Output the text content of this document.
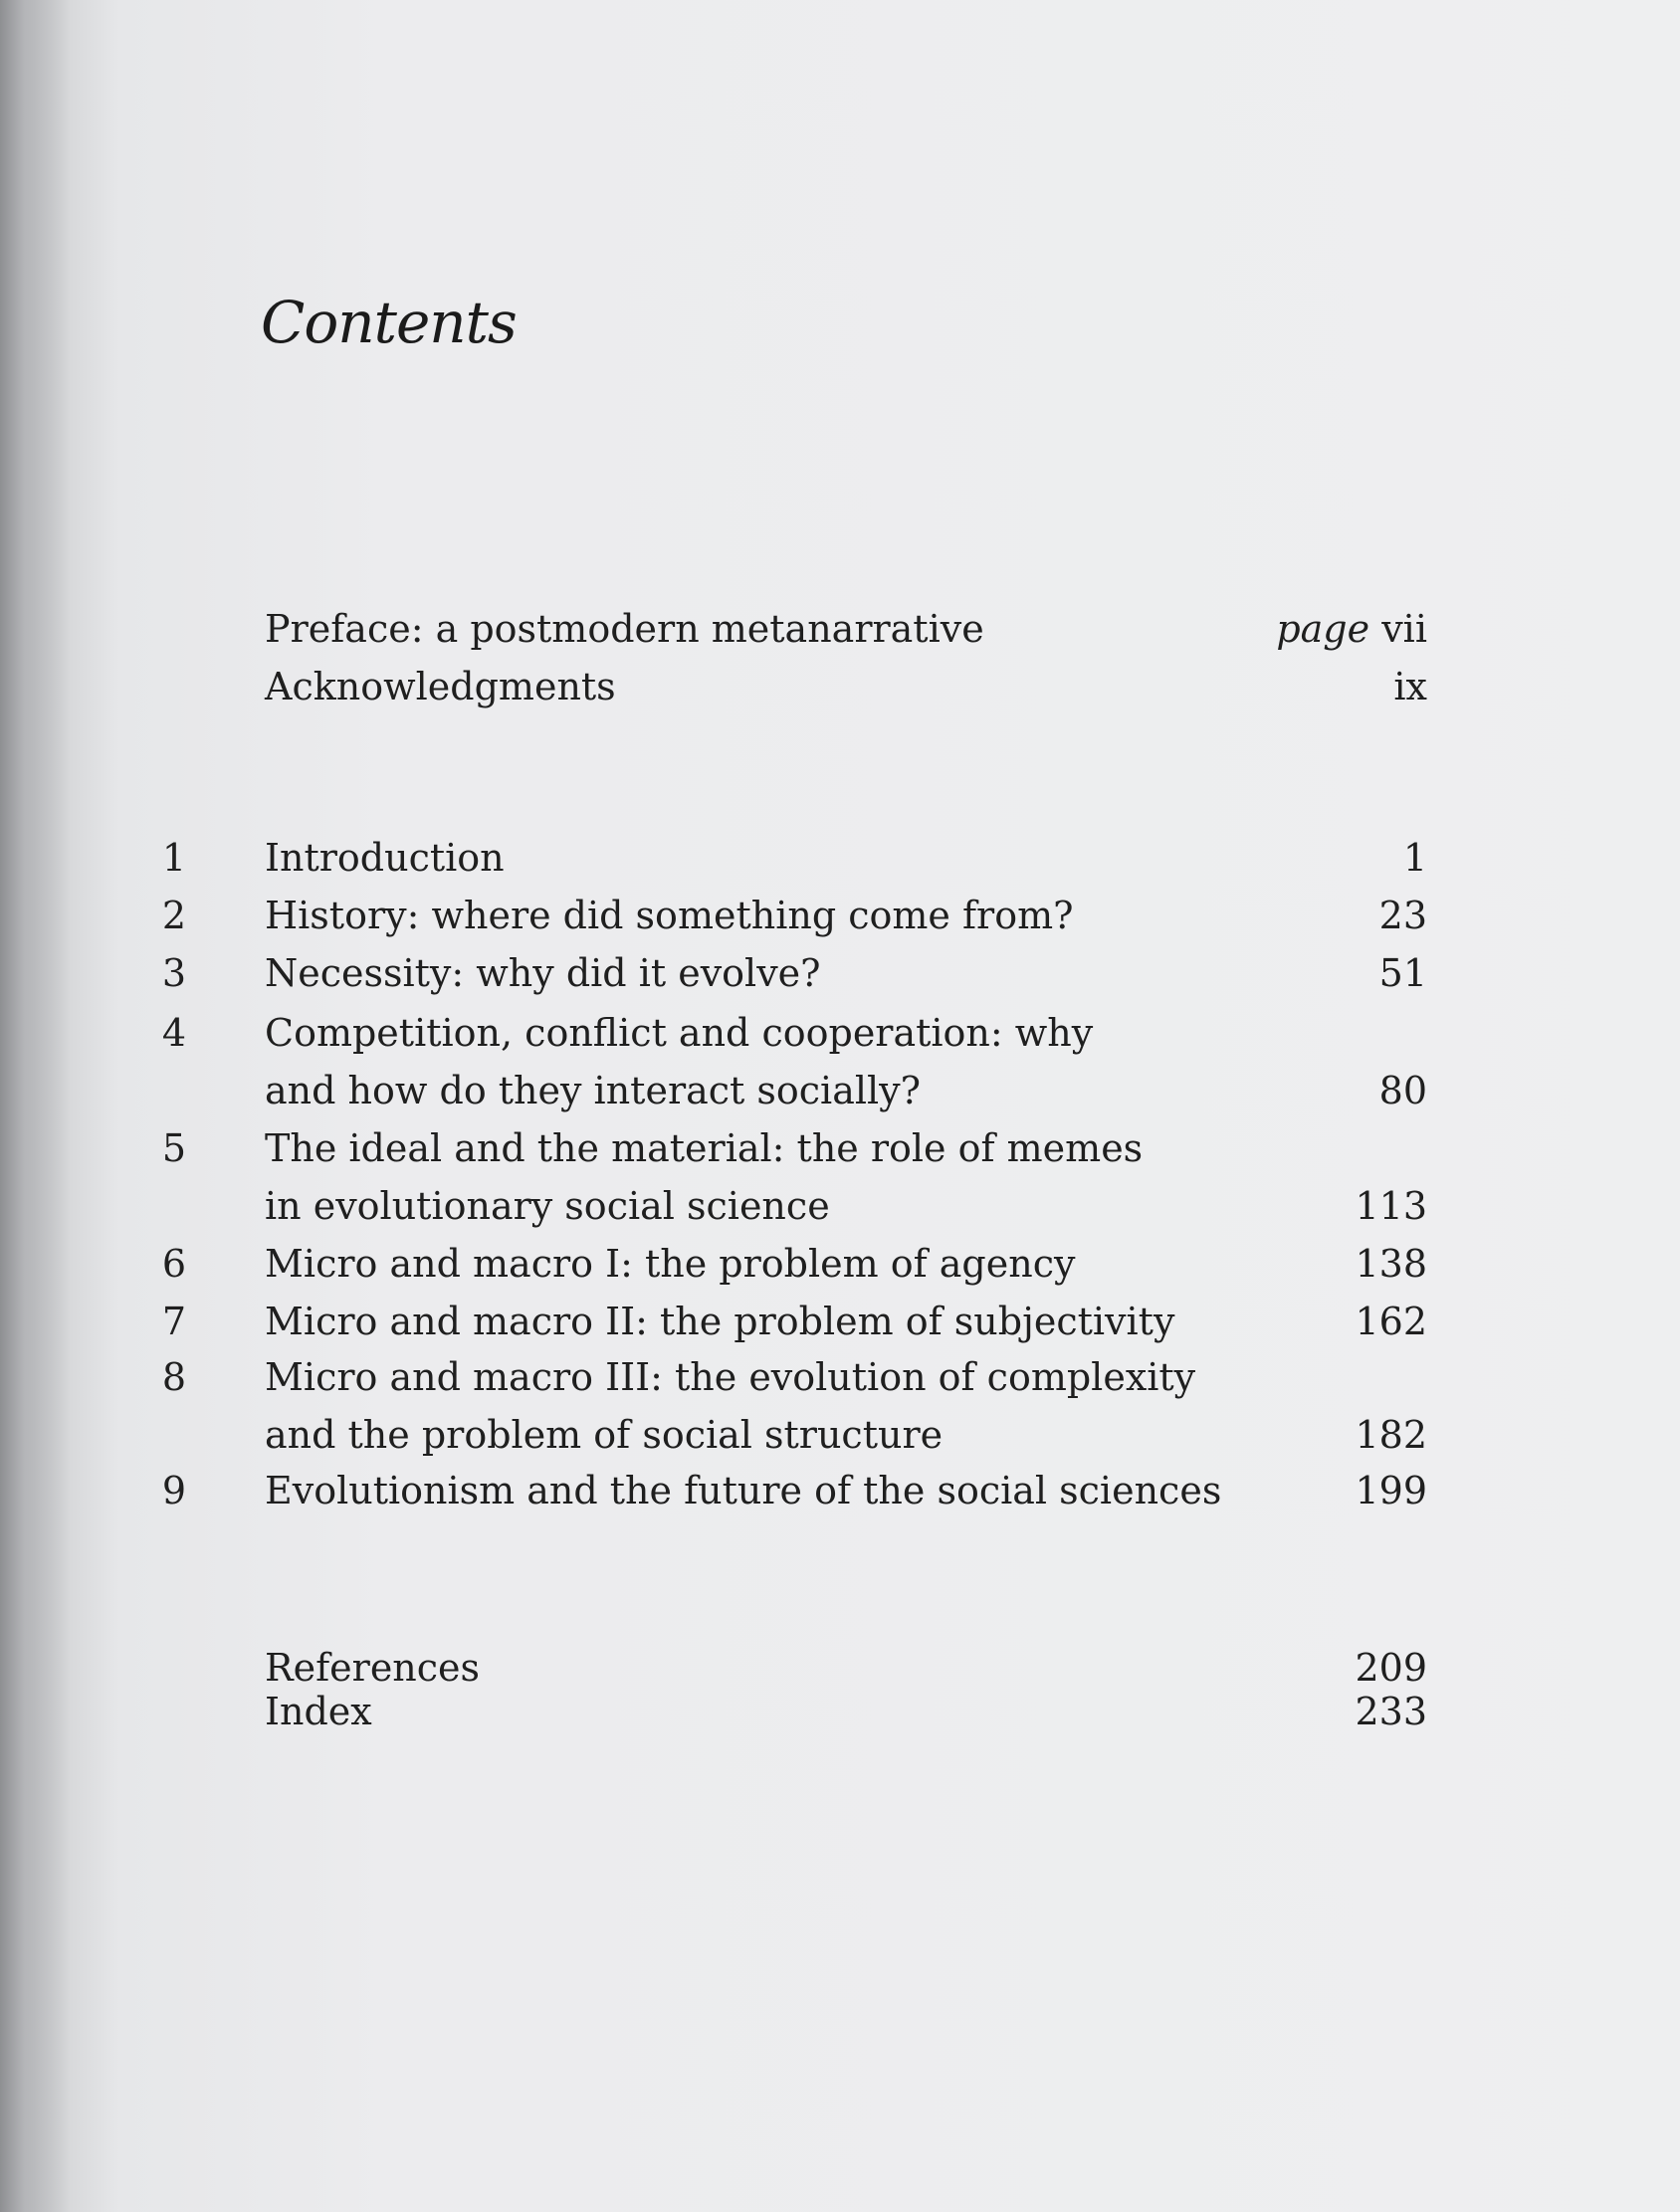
Contents
Preface: a postmodern metanarrative	page vii
Acknowledgments	ix
1 Introduction	1
2 History: where did something come from?	23
3 Necessity: why did it evolve?	51
4 Competition, conflict and cooperation: why
and how do they interact socially?	80
5 The ideal and the material: the role of memes
in evolutionary social science	113
6 Micro and macro I: the problem of agency	138
7 Micro and macro II: the problem of subjectivity	162
8 Micro and macro III: the evolution of complexity
and the problem of social structure	182
9 Evolutionism and the future of the social sciences	199
References	209
Index	233
